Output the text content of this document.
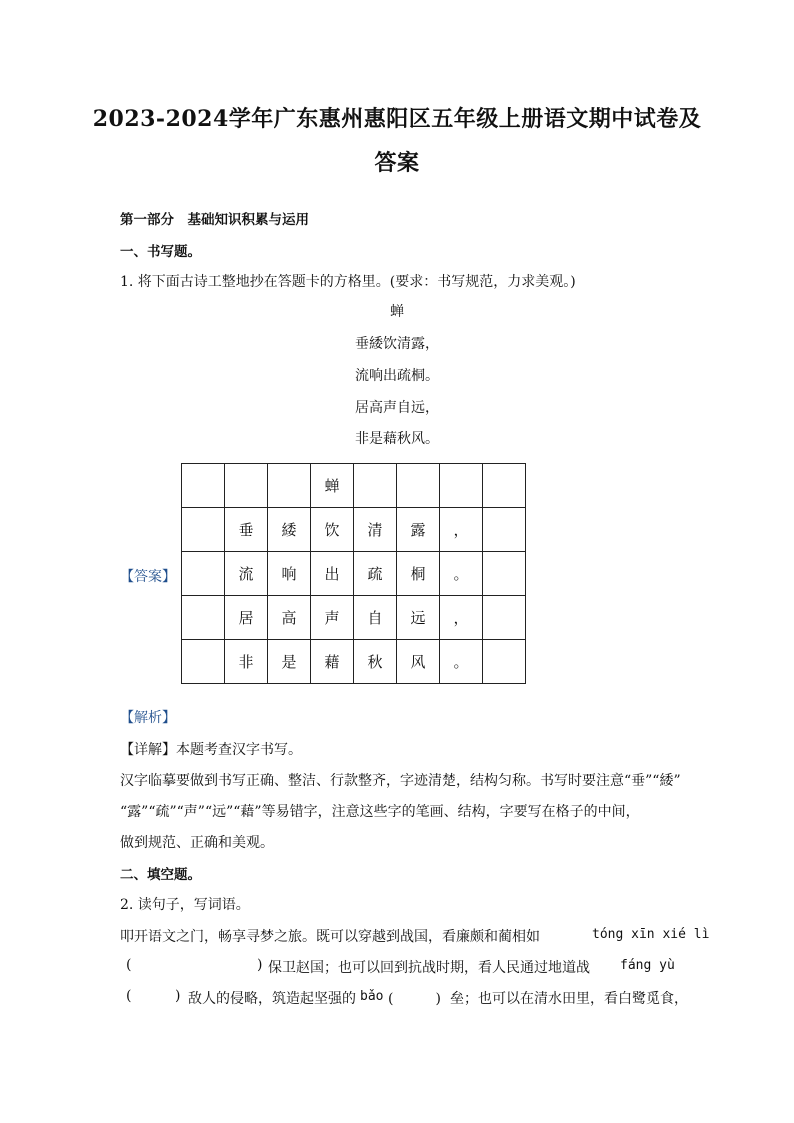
2023-2024学年广东惠州惠阳区五年级上册语文期中试卷及
答案
第一部分　基础知识积累与运用
一、书写题。
1. 将下面古诗工整地抄在答题卡的方格里。(要求：书写规范，力求美观。)
蝉
垂緌饮清露，
流响出疏桐。
居高声自远，
非是藉秋风。
【答案】
			蝉				
	垂	緌	饮	清	露	，	
	流	响	出	疏	桐	。	
	居	高	声	自	远	，	
	非	是	藉	秋	风	。	
【解析】
【详解】本题考查汉字书写。
汉字临摹要做到书写正确、整洁、行款整齐，字迹清楚，结构匀称。书写时要注意“垂”“緌”
“露”“疏”“声”“远”“藉”等易错字，注意这些字的笔画、结构，字要写在格子的中间，
做到规范、正确和美观。
二、填空题。
2. 读句子，写词语。
叩开语文之门，畅享寻梦之旅。既可以穿越到战国，看廉颇和蔺相如	tóng xīn xié lì
(	) 保卫赵国；也可以回到抗战时期，看人民通过地道战 fáng yù
(	) 敌人的侵略，筑造起坚强的 bǎo (　　　) 垒；也可以在清水田里，看白鹭觅食，
